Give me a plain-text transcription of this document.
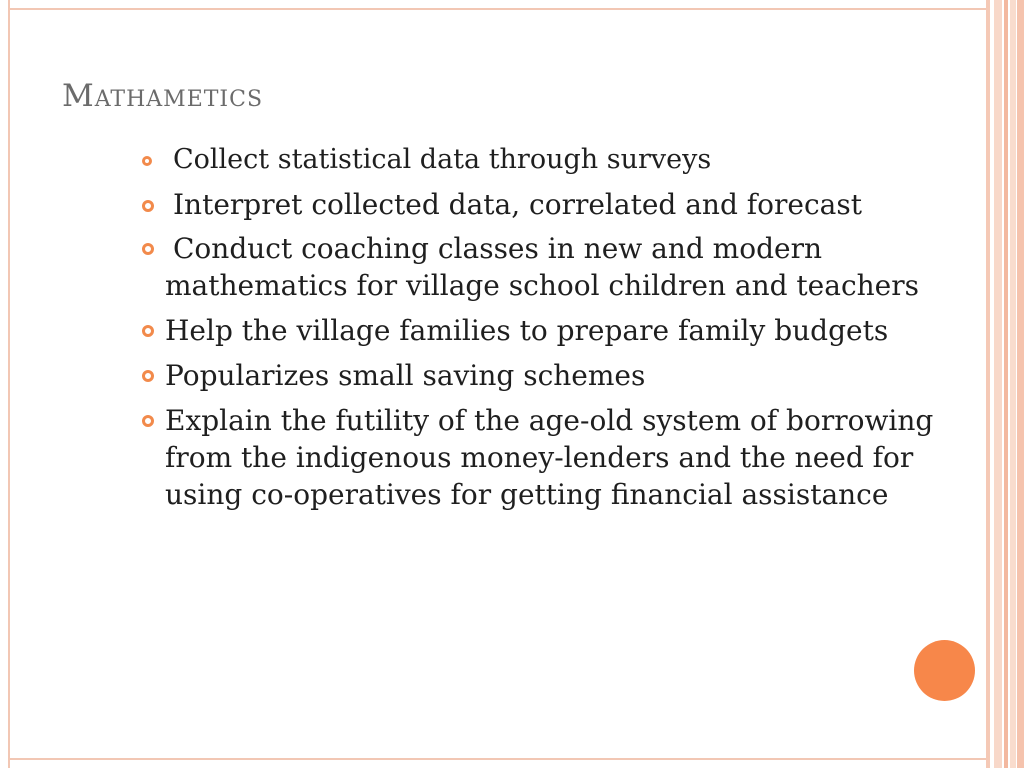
Mathametics
Collect statistical data through surveys
Interpret collected data, correlated and forecast
Conduct coaching classes in new and modern mathematics for village school children and teachers
Help the village families to prepare family budgets
Popularizes small saving schemes
Explain the futility of the age-old system of borrowing from the indigenous money-lenders and the need for using co-operatives for getting financial assistance
